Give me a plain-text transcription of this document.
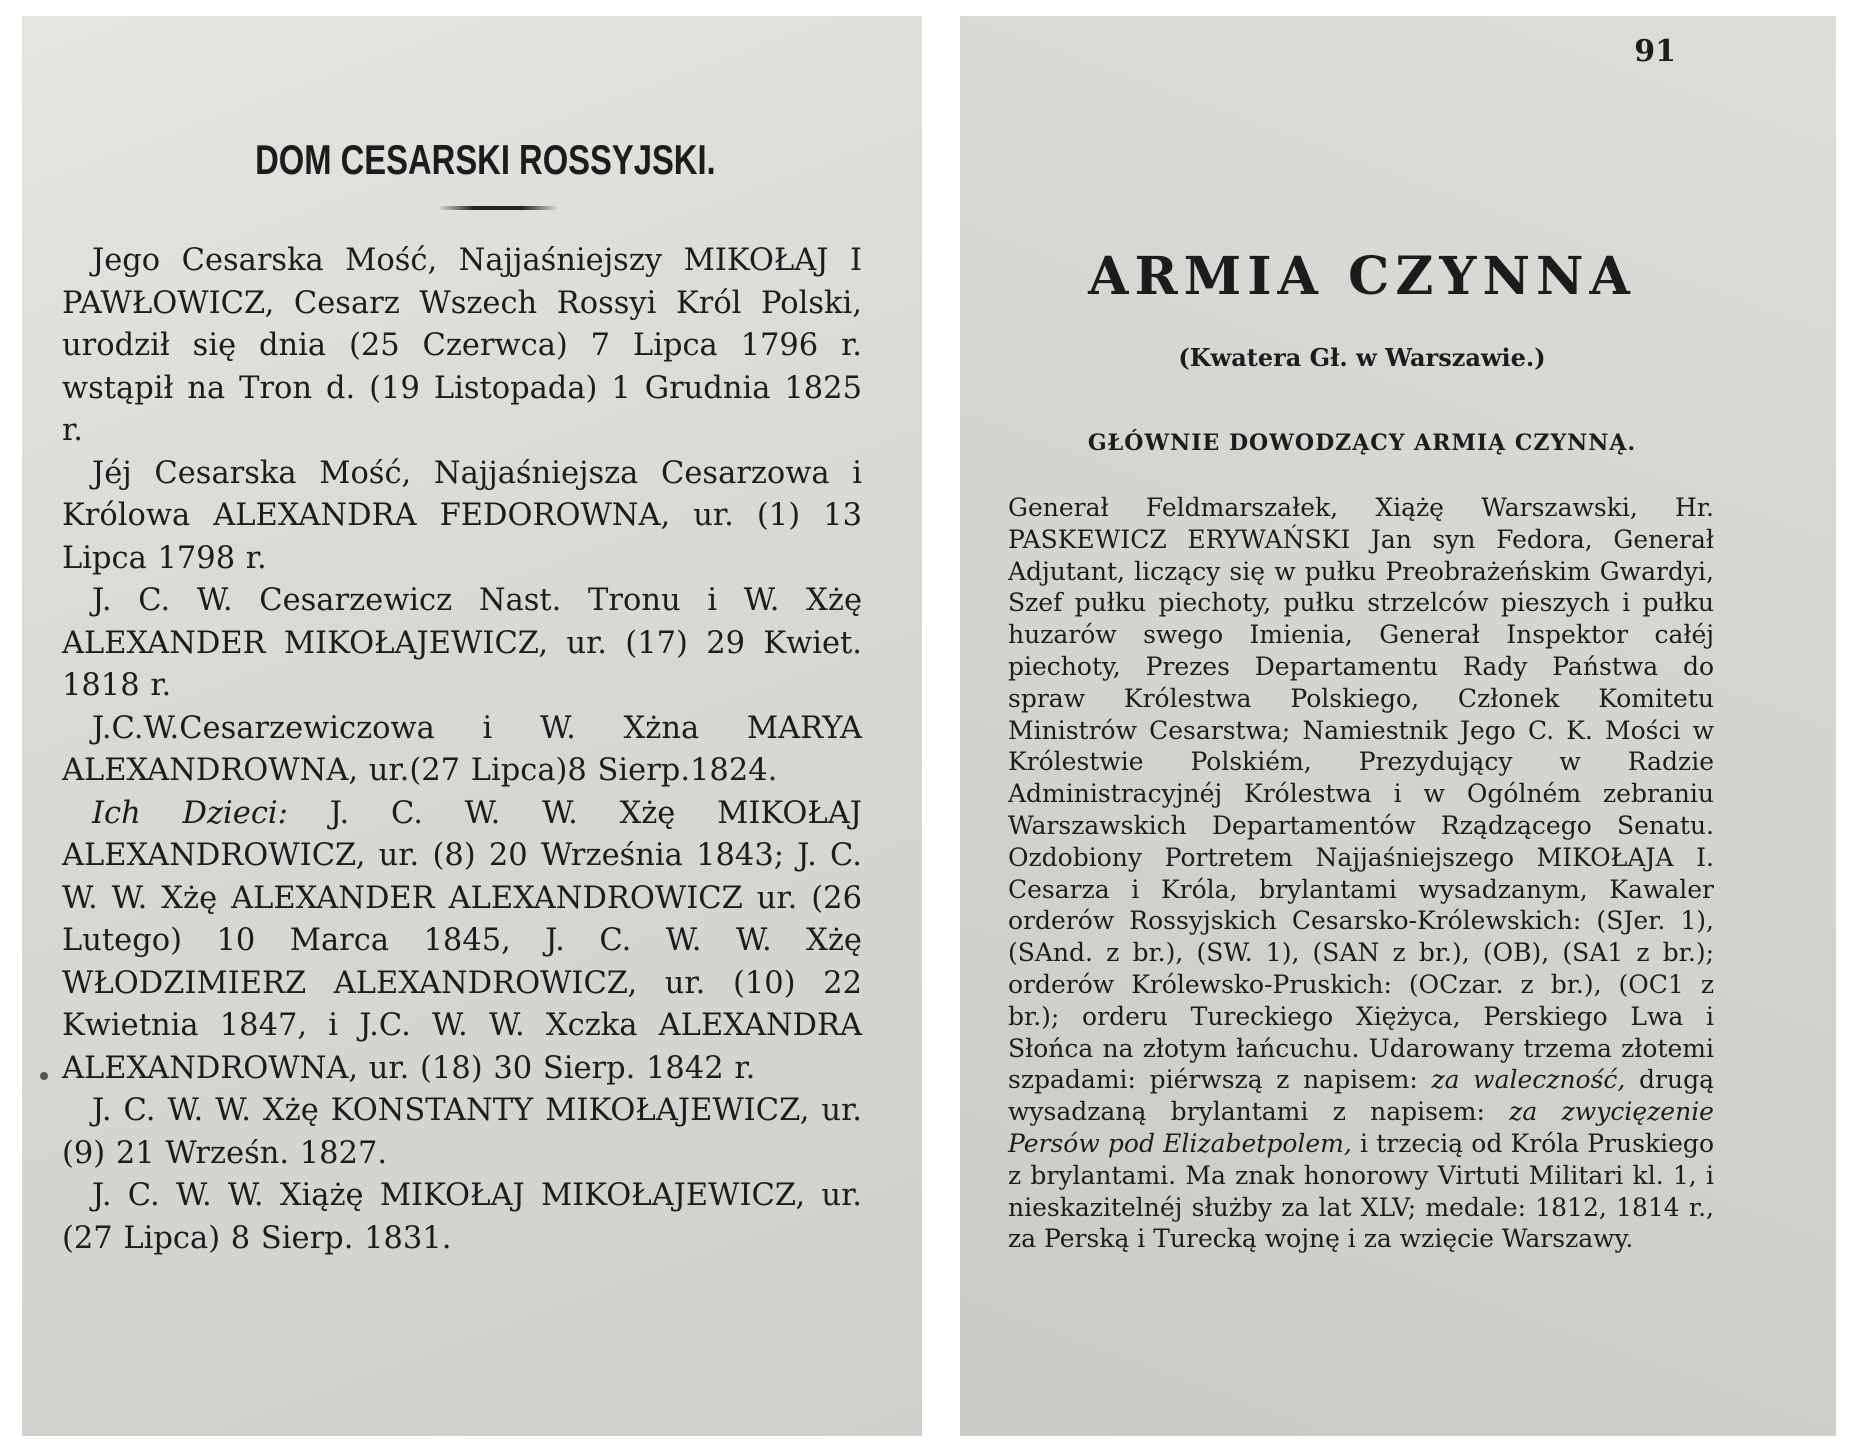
DOM CESARSKI ROSSYJSKI.

Jego Cesarska Mość, Najjaśniejszy MIKOŁAJ I PAWŁOWICZ, Cesarz Wszech Rossyi Król Polski, urodził się dnia (25 Czerwca) 7 Lipca 1796 r. wstąpił na Tron d. (19 Listopada) 1 Grudnia 1825 r.

Jéj Cesarska Mość, Najjaśniejsza Cesarzowa i Królowa ALEXANDRA FEDOROWNA, ur. (1) 13 Lipca 1798 r.

J. C. W. Cesarzewicz Nast. Tronu i W. Xżę ALEXANDER MIKOŁAJEWICZ, ur. (17) 29 Kwiet. 1818 r.

J.C.W.Cesarzewiczowa i W. Xżna MARYA ALEXANDROWNA, ur.(27 Lipca)8 Sierp.1824.

Ich Dzieci: J. C. W. W. Xżę MIKOŁAJ ALEXANDROWICZ, ur. (8) 20 Września 1843; J. C. W. W. Xżę ALEXANDER ALEXANDROWICZ ur. (26 Lutego) 10 Marca 1845, J. C. W. W. Xżę WŁODZIMIERZ ALEXANDROWICZ, ur. (10) 22 Kwietnia 1847, i J.C. W. W. Xczka ALEXANDRA ALEXANDROWNA, ur. (18) 30 Sierp. 1842 r.

J. C. W. W. Xżę KONSTANTY MIKOŁAJEWICZ, ur. (9) 21 Wrześn. 1827.

J. C. W. W. Xiążę MIKOŁAJ MIKOŁAJEWICZ, ur. (27 Lipca) 8 Sierp. 1831.

91
ARMIA CZYNNA
(Kwatera Gł. w Warszawie.)
GŁÓWNIE DOWODZĄCY ARMIĄ CZYNNĄ.
Generał Feldmarszałek, Xiążę Warszawski, Hr. PASKEWICZ ERYWAŃSKI Jan syn Fedora, Generał Adjutant, liczący się w pułku Preobrażeńskim Gwardyi, Szef pułku piechoty, pułku strzelców pieszych i pułku huzarów swego Imienia, Generał Inspektor całéj piechoty, Prezes Departamentu Rady Państwa do spraw Królestwa Polskiego, Członek Komitetu Ministrów Cesarstwa; Namiestnik Jego C. K. Mości w Królestwie Polskiém, Prezydujący w Radzie Administracyjnéj Królestwa i w Ogólném zebraniu Warszawskich Departamentów Rządzącego Senatu. Ozdobiony Portretem Najjaśniejszego MIKOŁAJA I. Cesarza i Króla, brylantami wysadzanym, Kawaler orderów Rossyjskich Cesarsko-Królewskich: (SJer. 1), (SAnd. z br.), (SW. 1), (SAN z br.), (OB), (SA1 z br.); orderów Królewsko-Pruskich: (OCzar. z br.), (OC1 z br.); orderu Tureckiego Xiężyca, Perskiego Lwa i Słońca na złotym łańcuchu. Udarowany trzema złotemi szpadami: piérwszą z napisem: za waleczność, drugą wysadzaną brylantami z napisem: za zwycięzenie Persów pod Elizabetpolem, i trzecią od Króla Pruskiego z brylantami. Ma znak honorowy Virtuti Militari kl. 1, i nieskazitelnéj służby za lat XLV; medale: 1812, 1814 r., za Perską i Turecką wojnę i za wzięcie Warszawy.
